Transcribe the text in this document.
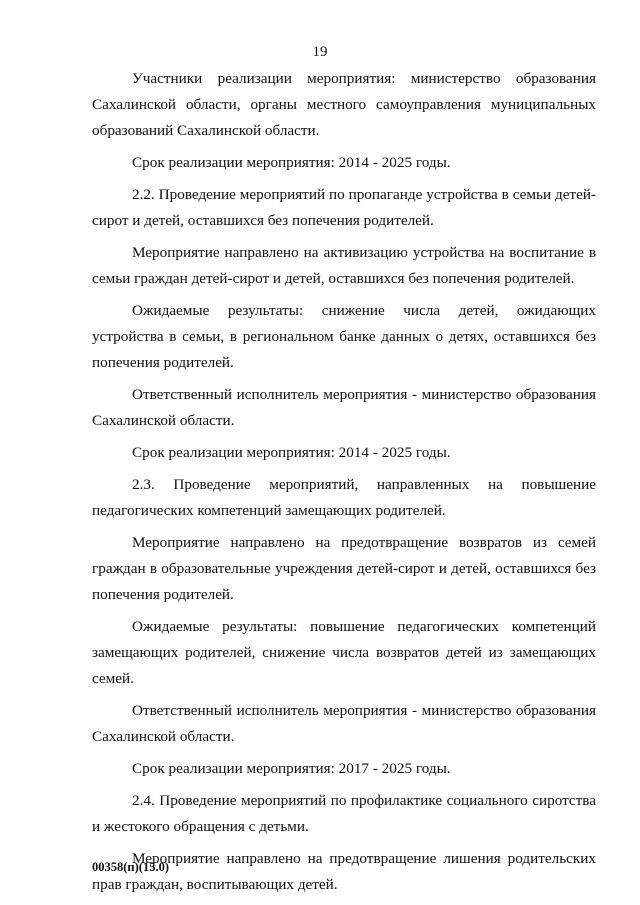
19

Участники реализации мероприятия: министерство образования Сахалинской области, органы местного самоуправления муниципальных образований Сахалинской области.

Срок реализации мероприятия: 2014 - 2025 годы.

2.2. Проведение мероприятий по пропаганде устройства в семьи детей-сирот и детей, оставшихся без попечения родителей.

Мероприятие направлено на активизацию устройства на воспитание в семьи граждан детей-сирот и детей, оставшихся без попечения родителей.

Ожидаемые результаты: снижение числа детей, ожидающих устройства в семьи, в региональном банке данных о детях, оставшихся без попечения родителей.

Ответственный исполнитель мероприятия - министерство образования Сахалинской области.

Срок реализации мероприятия: 2014 - 2025 годы.

2.3. Проведение мероприятий, направленных на повышение педагогических компетенций замещающих родителей.

Мероприятие направлено на предотвращение возвратов из семей граждан в образовательные учреждения детей-сирот и детей, оставшихся без попечения родителей.

Ожидаемые результаты: повышение педагогических компетенций замещающих родителей, снижение числа возвратов детей из замещающих семей.

Ответственный исполнитель мероприятия - министерство образования Сахалинской области.

Срок реализации мероприятия: 2017 - 2025 годы.

2.4. Проведение мероприятий по профилактике социального сиротства и жестокого обращения с детьми.

Мероприятие направлено на предотвращение лишения родительских прав граждан, воспитывающих детей.

00358(п)(15.0)
